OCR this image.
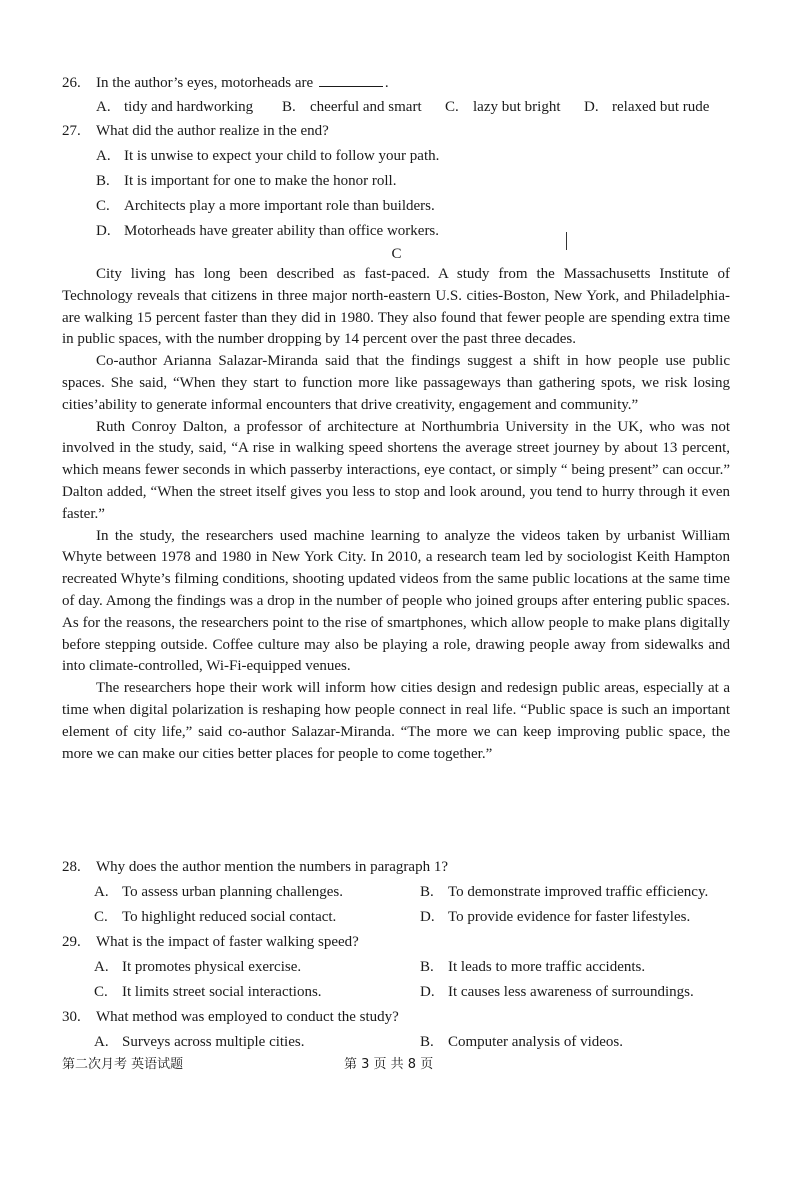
26. In the author’s eyes, motorheads are	.
A. tidy and hardworking B. cheerful and smart C. lazy but bright D. relaxed but rude
27. What did the author realize in the end?
A. It is unwise to expect your child to follow your path.
B. It is important for one to make the honor roll.
C. Architects play a more important role than builders.
D. Motorheads have greater ability than office workers.
C

City living has long been described as fast-paced. A study from the Massachusetts Institute of Technology reveals that citizens in three major north-eastern U.S. cities-Boston, New York, and Philadelphia-are walking 15 percent faster than they did in 1980. They also found that fewer people are spending extra time in public spaces, with the number dropping by 14 percent over the past three decades.

Co-author Arianna Salazar-Miranda said that the findings suggest a shift in how people use public spaces. She said, “When they start to function more like passageways than gathering spots, we risk losing cities’ability to generate informal encounters that drive creativity, engagement and community.”

Ruth Conroy Dalton, a professor of architecture at Northumbria University in the UK, who was not involved in the study, said, “A rise in walking speed shortens the average street journey by about 13 percent, which means fewer seconds in which passerby interactions, eye contact, or simply “ being present” can occur.” Dalton added, “When the street itself gives you less to stop and look around, you tend to hurry through it even faster.”

In the study, the researchers used machine learning to analyze the videos taken by urbanist William Whyte between 1978 and 1980 in New York City. In 2010, a research team led by sociologist Keith Hampton recreated Whyte’s filming conditions, shooting updated videos from the same public locations at the same time of day. Among the findings was a drop in the number of people who joined groups after entering public spaces. As for the reasons, the researchers point to the rise of smartphones, which allow people to make plans digitally before stepping outside. Coffee culture may also be playing a role, drawing people away from sidewalks and into climate-controlled, Wi-Fi-equipped venues.

The researchers hope their work will inform how cities design and redesign public areas, especially at a time when digital polarization is reshaping how people connect in real life. “Public space is such an important element of city life,” said co-author Salazar-Miranda. “The more we can keep improving public space, the more we can make our cities better places for people to come together.”

28. Why does the author mention the numbers in paragraph 1?
A. To assess urban planning challenges.	B. To demonstrate improved traffic efficiency.
C. To highlight reduced social contact.	D. To provide evidence for faster lifestyles.
29. What is the impact of faster walking speed?
A. It promotes physical exercise.	B. It leads to more traffic accidents.
C. It limits street social interactions.	D. It causes less awareness of surroundings.
30. What method was employed to conduct the study?
A. Surveys across multiple cities.	B. Computer analysis of videos.
第二次月考 英语试题	第 3 页 共 8 页
